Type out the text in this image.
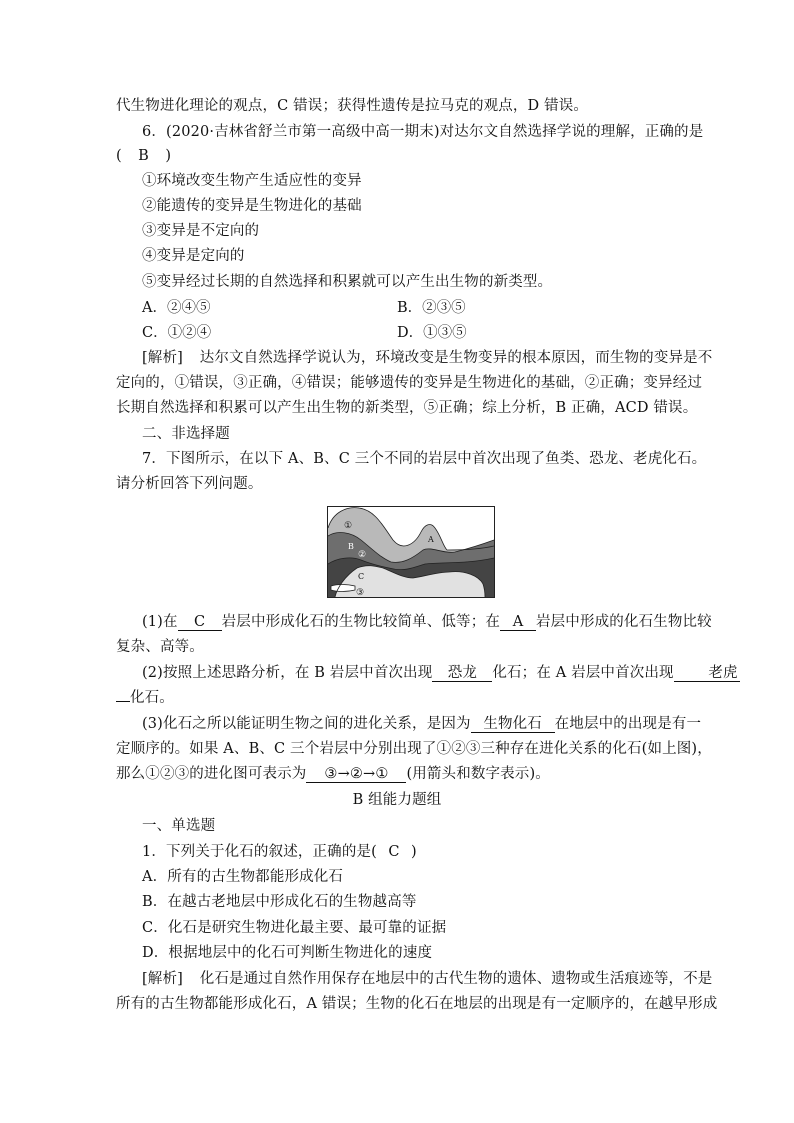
代生物进化理论的观点，C 错误；获得性遗传是拉马克的观点，D 错误。
6．(2020·吉林省舒兰市第一高级中高一期末)对达尔文自然选择学说的理解，正确的是
( B )
①环境改变生物产生适应性的变异
②能遗传的变异是生物进化的基础
③变异是不定向的
④变异是定向的
⑤变异经过长期的自然选择和积累就可以产生出生物的新类型。
A．②④⑤	B．②③⑤
C．①②④	D．①③⑤
[解析] 达尔文自然选择学说认为，环境改变是生物变异的根本原因，而生物的变异是不
定向的，①错误，③正确，④错误；能够遗传的变异是生物进化的基础，②正确；变异经过
长期自然选择和积累可以产生出生物的新类型，⑤正确；综上分析，B 正确，ACD 错误。
二、非选择题
7．下图所示，在以下 A、B、C 三个不同的岩层中首次出现了鱼类、恐龙、老虎化石。
请分析回答下列问题。
①
A
B
②
C
③
(1)在 C 岩层中形成化石的生物比较简单、低等；在 A 岩层中形成的化石生物比较
复杂、高等。
(2)按照上述思路分析，在 B 岩层中首次出现 恐龙 化石；在 A 岩层中首次出现 老虎
化石。
(3)化石之所以能证明生物之间的进化关系，是因为 生物化石 在地层中的出现是有一
定顺序的。如果 A、B、C 三个岩层中分别出现了①②③三种存在进化关系的化石(如上图)，
那么①②③的进化图可表示为 ③→②→① (用箭头和数字表示)。
B 组能力题组
一、单选题
1．下列关于化石的叙述，正确的是( C )
A．所有的古生物都能形成化石
B．在越古老地层中形成化石的生物越高等
C．化石是研究生物进化最主要、最可靠的证据
D．根据地层中的化石可判断生物进化的速度
[解析] 化石是通过自然作用保存在地层中的古代生物的遗体、遗物或生活痕迹等，不是
所有的古生物都能形成化石，A 错误；生物的化石在地层的出现是有一定顺序的，在越早形成
